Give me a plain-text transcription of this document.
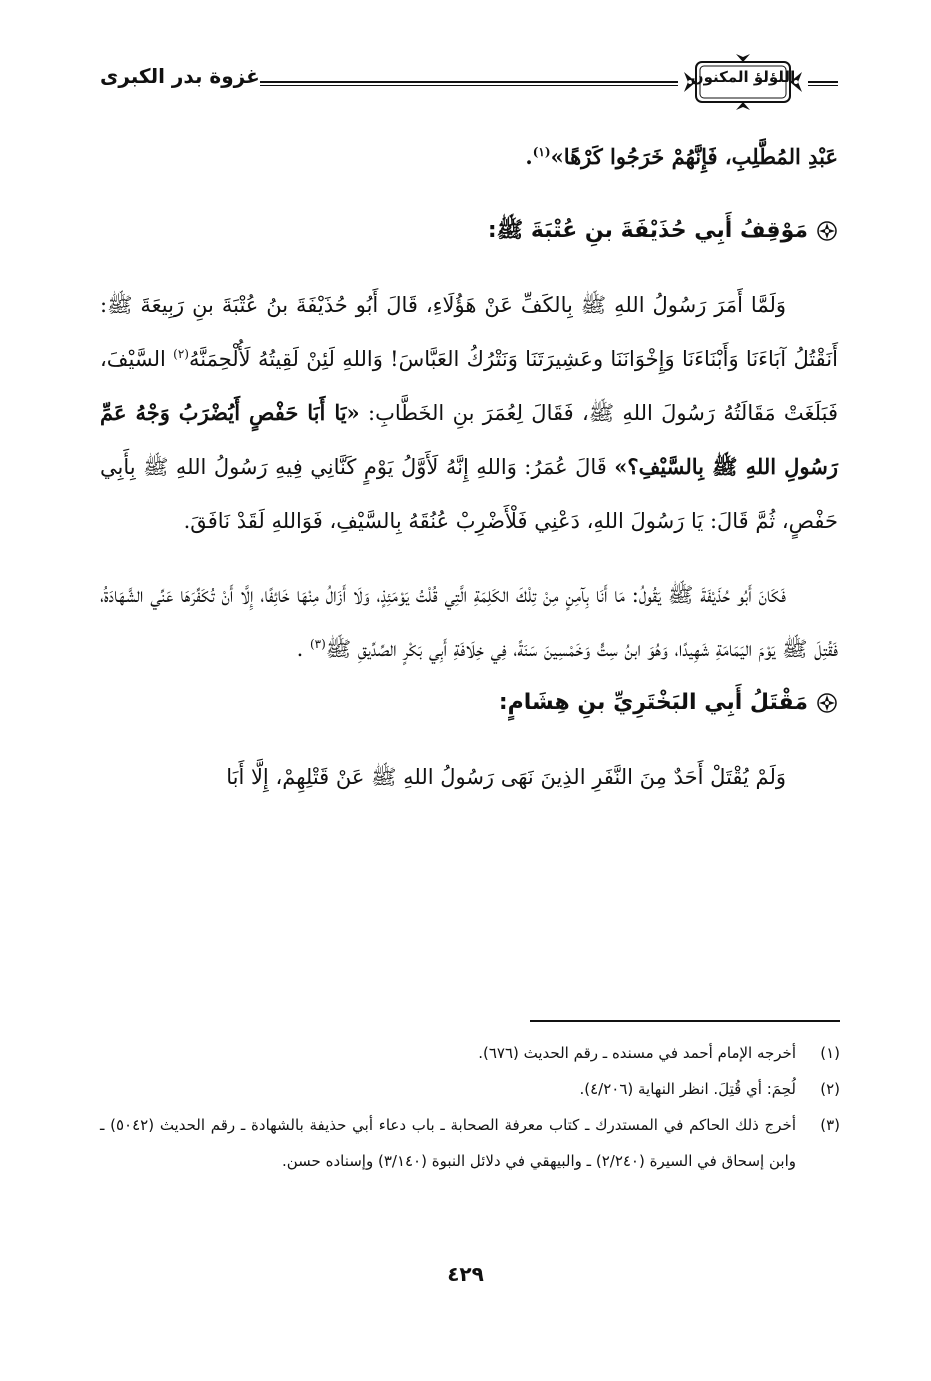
غزوة بدر الكبرى	اللؤلؤ المكنون

عَبْدِ المُطَّلِبِ، فَإِنَّهُمْ خَرَجُوا كَرْهًا»$^{(١)}$.

مَوْقِفُ أَبِي حُذَيْفَةَ بنِ عُتْبَةَ ﷺ:

وَلَمَّا أَمَرَ رَسُولُ اللهِ ﷺ بِالكَفِّ عَنْ هَؤُلَاءِ، قَالَ أَبُو حُذَيْفَةَ بنُ عُتْبَةَ بنِ رَبِيعَةَ ﷺ: أَنَقْتُلُ آبَاءَنَا وَأَبْنَاءَنَا وَإِخْوَانَنَا وعَشِيرَتَنَا وَنَتْرُكُ العَبَّاسَ! وَاللهِ لَئِنْ لَقِيتُهُ لَأُلْحِمَنَّهُ$^{(٢)}$ السَّيْفَ، فَبَلَغَتْ مَقَالَتُهُ رَسُولَ اللهِ ﷺ، فَقَالَ لِعُمَرَ بنِ الخَطَّابِ: «يَا أَبَا حَفْصٍ أَيُضْرَبُ وَجْهُ عَمِّ رَسُولِ اللهِ ﷺ بِالسَّيْفِ؟» قَالَ عُمَرُ: وَاللهِ إِنَّهُ لَأَوَّلُ يَوْمٍ كَنَّانِي فِيهِ رَسُولُ اللهِ ﷺ بِأَبِي حَفْصٍ، ثُمَّ قَالَ: يَا رَسُولَ اللهِ، دَعْنِي فَلْأَضْرِبْ عُنُقَهُ بِالسَّيْفِ، فَوَاللهِ لَقَدْ نَافَقَ.

فَكَانَ أَبُو حُذَيْفَةَ ﷺ يَقُولُ: مَا أَنَا بِآمِنٍ مِنْ تِلْكَ الكَلِمَةِ الَّتِي قُلْتُ يَوْمَئِذٍ، وَلَا أَزَالُ مِنْهَا خَائِفًا، إِلَّا أَنْ تُكَفِّرَهَا عَنِّي الشَّهَادَةُ، فَقُتِلَ ﷺ يَوْمَ اليَمَامَةِ شَهِيدًا، وَهُوَ ابنُ سِتٍّ وَخَمْسِينَ سَنَةً، فِي خِلَافَةِ أَبِي بَكْرٍ الصِّدِّيقِ ﷺ$^{(٣)}$ .

مَقْتَلُ أَبِي البَخْتَرِيِّ بنِ هِشَامٍ:

وَلَمْ يُقْتَلْ أَحَدٌ مِنَ النَّفَرِ الذِينَ نَهَى رَسُولُ اللهِ ﷺ عَنْ قَتْلِهِمْ، إِلَّا أَبَا

(١)
أخرجه الإمام أحمد في مسنده ـ رقم الحديث (٦٧٦).
(٢)
لُحِمَ: أي قُتِلَ. انظر النهاية (٤/٢٠٦).
(٣)
أخرج ذلك الحاكم في المستدرك ـ كتاب معرفة الصحابة ـ باب دعاء أبي حذيفة بالشهادة ـ رقم الحديث (٥٠٤٢) ـ وابن إسحاق في السيرة (٢/٢٤٠) ـ والبيهقي في دلائل النبوة (٣/١٤٠) وإسناده حسن.
٤٢٩
